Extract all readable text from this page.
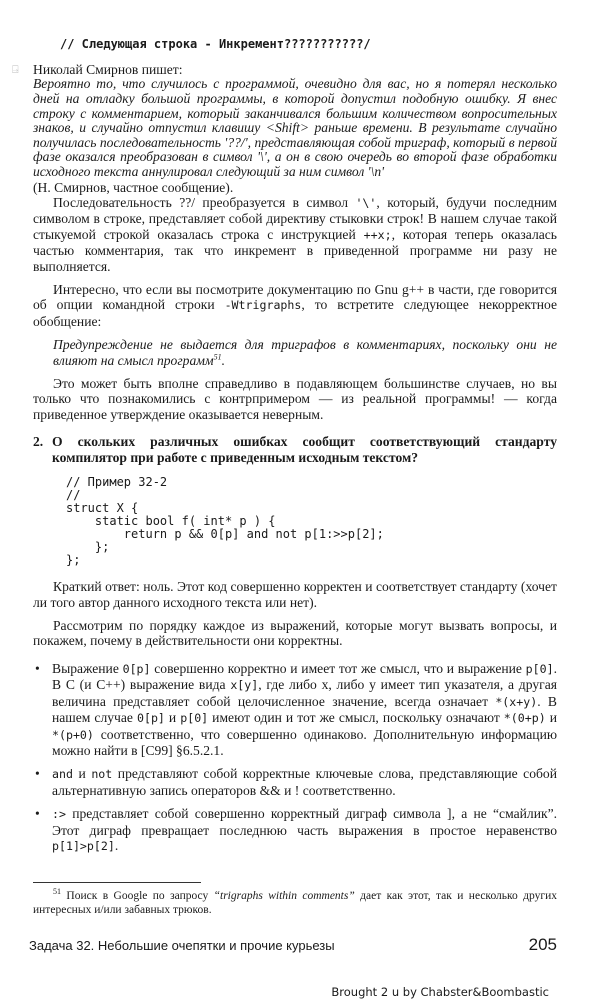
⍈
// Следующая строка - Инкремент???????????/
Николай Смирнов пишет:
Вероятно то, что случилось с программой, очевидно для вас, но я потерял несколько дней на отладку большой программы, в которой допустил подобную ошибку. Я внес строку с комментарием, который заканчивался большим количеством вопросительных знаков, и случайно отпустил клавишу <Shift> раньше времени. В результате случайно получилась последовательность '??/', представляющая собой триграф, который в первой фазе оказался преобразован в символ '\', а он в свою очередь во второй фазе обработки исходного текста аннулировал следующий за ним символ '\n'
(Н. Смирнов, частное сообщение).
Последовательность ??/ преобразуется в символ '\', который, будучи последним символом в строке, представляет собой директиву стыковки строк! В нашем случае такой стыкуемой строкой оказалась строка с инструкцией ++x;, которая теперь оказалась частью комментария, так что инкремент в приведенной программе ни разу не выполняется.
Интересно, что если вы посмотрите документацию по Gnu g++ в части, где говорится об опции командной строки -Wtrigraphs, то встретите следующее некорректное обобщение:
Предупреждение не выдается для триграфов в комментариях, поскольку они не влияют на смысл программ$^{51}$.
Это может быть вполне справедливо в подавляющем большинстве случаев, но вы только что познакомились с контрпримером — из реальной программы! — когда приведенное утверждение оказывается неверным.
2. О скольких различных ошибках сообщит соответствующий стандарту компилятор при работе с приведенным исходным текстом?
// Пример 32-2
//
struct X {
static bool f( int* p ) {
return p && 0[p] and not p[1:>>p[2];
};
};
Краткий ответ: ноль. Этот код совершенно корректен и соответствует стандарту (хочет ли того автор данного исходного текста или нет).
Рассмотрим по порядку каждое из выражений, которые могут вызвать вопросы, и покажем, почему в действительности они корректны.
• Выражение 0[p] совершенно корректно и имеет тот же смысл, что и выражение p[0]. В C (и C++) выражение вида x[y], где либо x, либо y имеет тип указателя, а другая величина представляет собой целочисленное значение, всегда означает *(x+y). В нашем случае 0[p] и p[0] имеют один и тот же смысл, поскольку означают *(0+p) и *(p+0) соответственно, что совершенно одинаково. Дополнительную информацию можно найти в [C99] §6.5.2.1.
• and и not представляют собой корректные ключевые слова, представляющие собой альтернативную запись операторов && и ! соответственно.
• :> представляет собой совершенно корректный диграф символа ], а не “смайлик”. Этот диграф превращает последнюю часть выражения в простое неравенство p[1]>p[2].
$^{51}$ Поиск в Google по запросу “trigraphs within comments” дает как этот, так и несколько других интересных и/или забавных трюков.
Задача 32. Небольшие очепятки и прочие курьезы	205
Brought 2 u by Chabster&Boombastic
